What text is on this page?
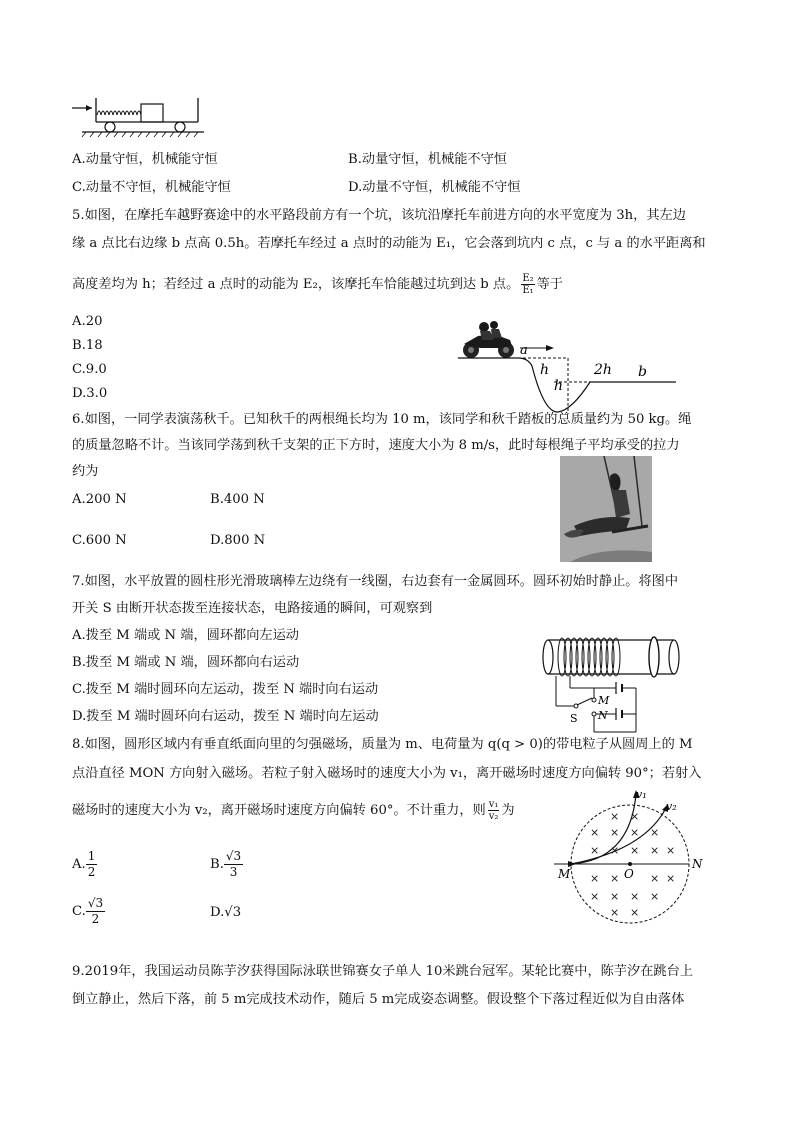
A.动量守恒，机械能守恒	B.动量守恒，机械能不守恒
C.动量不守恒，机械能守恒	D.动量不守恒，机械能不守恒
5.如图，在摩托车越野赛途中的水平路段前方有一个坑，该坑沿摩托车前进方向的水平宽度为 3h，其左边
缘 a 点比右边缘 b 点高 0.5h。若摩托车经过 a 点时的动能为 E₁，它会落到坑内 c 点，c 与 a 的水平距离和
高度差均为 h；若经过 a 点时的动能为 E₂，该摩托车恰能越过坑到达 b 点。 $\frac{\text{E₂}}{\text{E₁}}$ 等于
A.20
B.18
C.9.0
D.3.0
a
h
h
2h b
6.如图，一同学表演荡秋千。已知秋千的两根绳长均为 10 m，该同学和秋千踏板的总质量约为 50 kg。绳
的质量忽略不计。当该同学荡到秋千支架的正下方时，速度大小为 8 m/s，此时每根绳子平均承受的拉力
约为
A.200 N	B.400 N
C.600 N	D.800 N
7.如图，水平放置的圆柱形光滑玻璃棒左边绕有一线圈，右边套有一金属圆环。圆环初始时静止。将图中
开关 S 由断开状态拨至连接状态，电路接通的瞬间，可观察到
A.拨至 M 端或 N 端，圆环都向左运动
B.拨至 M 端或 N 端，圆环都向右运动
C.拨至 M 端时圆环向左运动，拨至 N 端时向右运动
D.拨至 M 端时圆环向右运动，拨至 N 端时向左运动
M
N
S
8.如图，圆形区域内有垂直纸面向里的匀强磁场，质量为 m、电荷量为 q(q > 0)的带电粒子从圆周上的 M
点沿直径 MON 方向射入磁场。若粒子射入磁场时的速度大小为 v₁，离开磁场时速度方向偏转 90°；若射入
磁场时的速度大小为 v₂，离开磁场时速度方向偏转 60°。不计重力，则 $\frac{\text{v₁}}{\text{v₂}}$ 为
A. $\frac{1}{2}$	B. $\frac{√3}{3}$
C. $\frac{√3}{2}$	D.√3
M	O
N
v₁
v₂
× ×
× × × ×
× × × × ×
× ×	× ×
× × × ×
× ×
9.2019年，我国运动员陈芋汐获得国际泳联世锦赛女子单人 10米跳台冠军。某轮比赛中，陈芋汐在跳台上
倒立静止，然后下落，前 5 m完成技术动作，随后 5 m完成姿态调整。假设整个下落过程近似为自由落体
